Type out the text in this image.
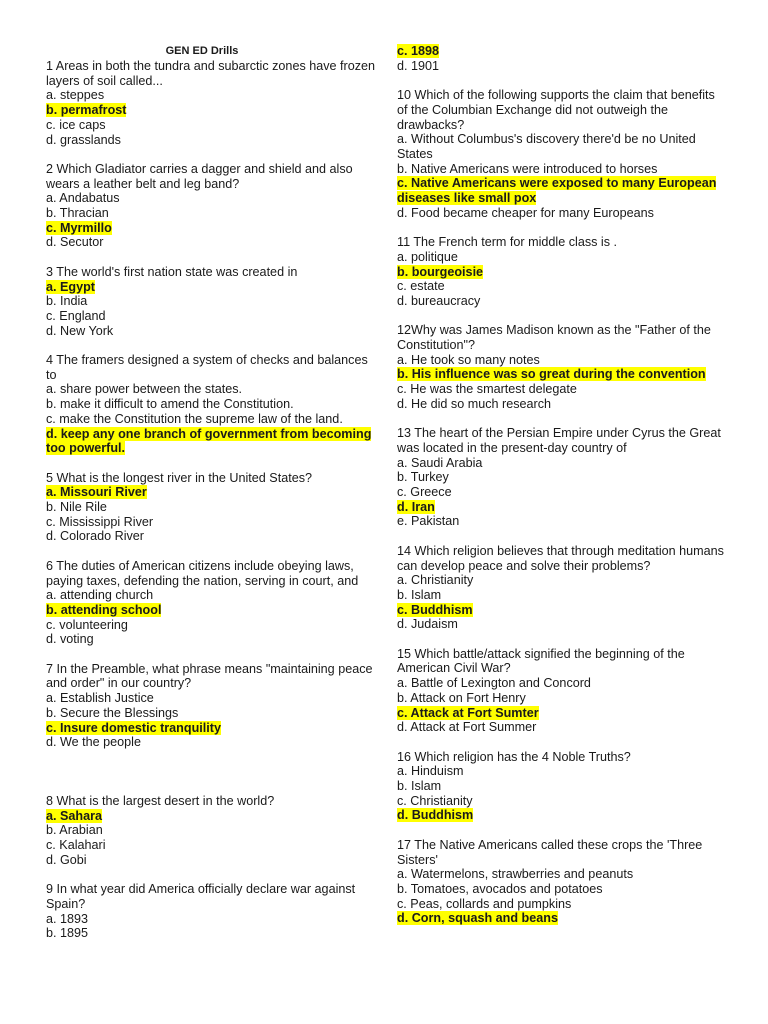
GEN ED Drills
1 Areas in both the tundra and subarctic zones have frozen layers of soil called...
a. steppes
b. permafrost
c. ice caps
d. grasslands
2 Which Gladiator carries a dagger and shield and also wears a leather belt and leg band?
a. Andabatus
b. Thracian
c. Myrmillo
d. Secutor
3 The world's first nation state was created in
a. Egypt
b. India
c. England
d. New York
4 The framers designed a system of checks and balances to
a. share power between the states.
b. make it difficult to amend the Constitution.
c. make the Constitution the supreme law of the land.
d. keep any one branch of government from becoming too powerful.
5 What is the longest river in the United States?
a. Missouri River
b. Nile Rile
c. Mississippi River
d. Colorado River
6 The duties of American citizens include obeying laws, paying taxes, defending the nation, serving in court, and
a. attending church
b. attending school
c. volunteering
d. voting
7 In the Preamble, what phrase means "maintaining peace and order" in our country?
a. Establish Justice
b. Secure the Blessings
c. Insure domestic tranquility
d. We the people
8 What is the largest desert in the world?
a. Sahara
b. Arabian
c. Kalahari
d. Gobi
9 In what year did America officially declare war against Spain?
a. 1893
b. 1895
c. 1898
d. 1901
10 Which of the following supports the claim that benefits of the Columbian Exchange did not outweigh the drawbacks?
a. Without Columbus's discovery there'd be no United States
b. Native Americans were introduced to horses
c. Native Americans were exposed to many European diseases like small pox
d. Food became cheaper for many Europeans
11 The French term for middle class is .
a. politique
b. bourgeoisie
c. estate
d. bureaucracy
12Why was James Madison known as the "Father of the Constitution"?
a. He took so many notes
b. His influence was so great during the convention
c. He was the smartest delegate
d. He did so much research
13 The heart of the Persian Empire under Cyrus the Great was located in the present-day country of
a. Saudi Arabia
b. Turkey
c. Greece
d. Iran
e. Pakistan
14 Which religion believes that through meditation humans can develop peace and solve their problems?
a. Christianity
b. Islam
c. Buddhism
d. Judaism
15 Which battle/attack signified the beginning of the American Civil War?
a. Battle of Lexington and Concord
b. Attack on Fort Henry
c. Attack at Fort Sumter
d. Attack at Fort Summer
16 Which religion has the 4 Noble Truths?
a. Hinduism
b. Islam
c. Christianity
d. Buddhism
17 The Native Americans called these crops the 'Three Sisters'
a. Watermelons, strawberries and peanuts
b. Tomatoes, avocados and potatoes
c. Peas, collards and pumpkins
d. Corn, squash and beans
